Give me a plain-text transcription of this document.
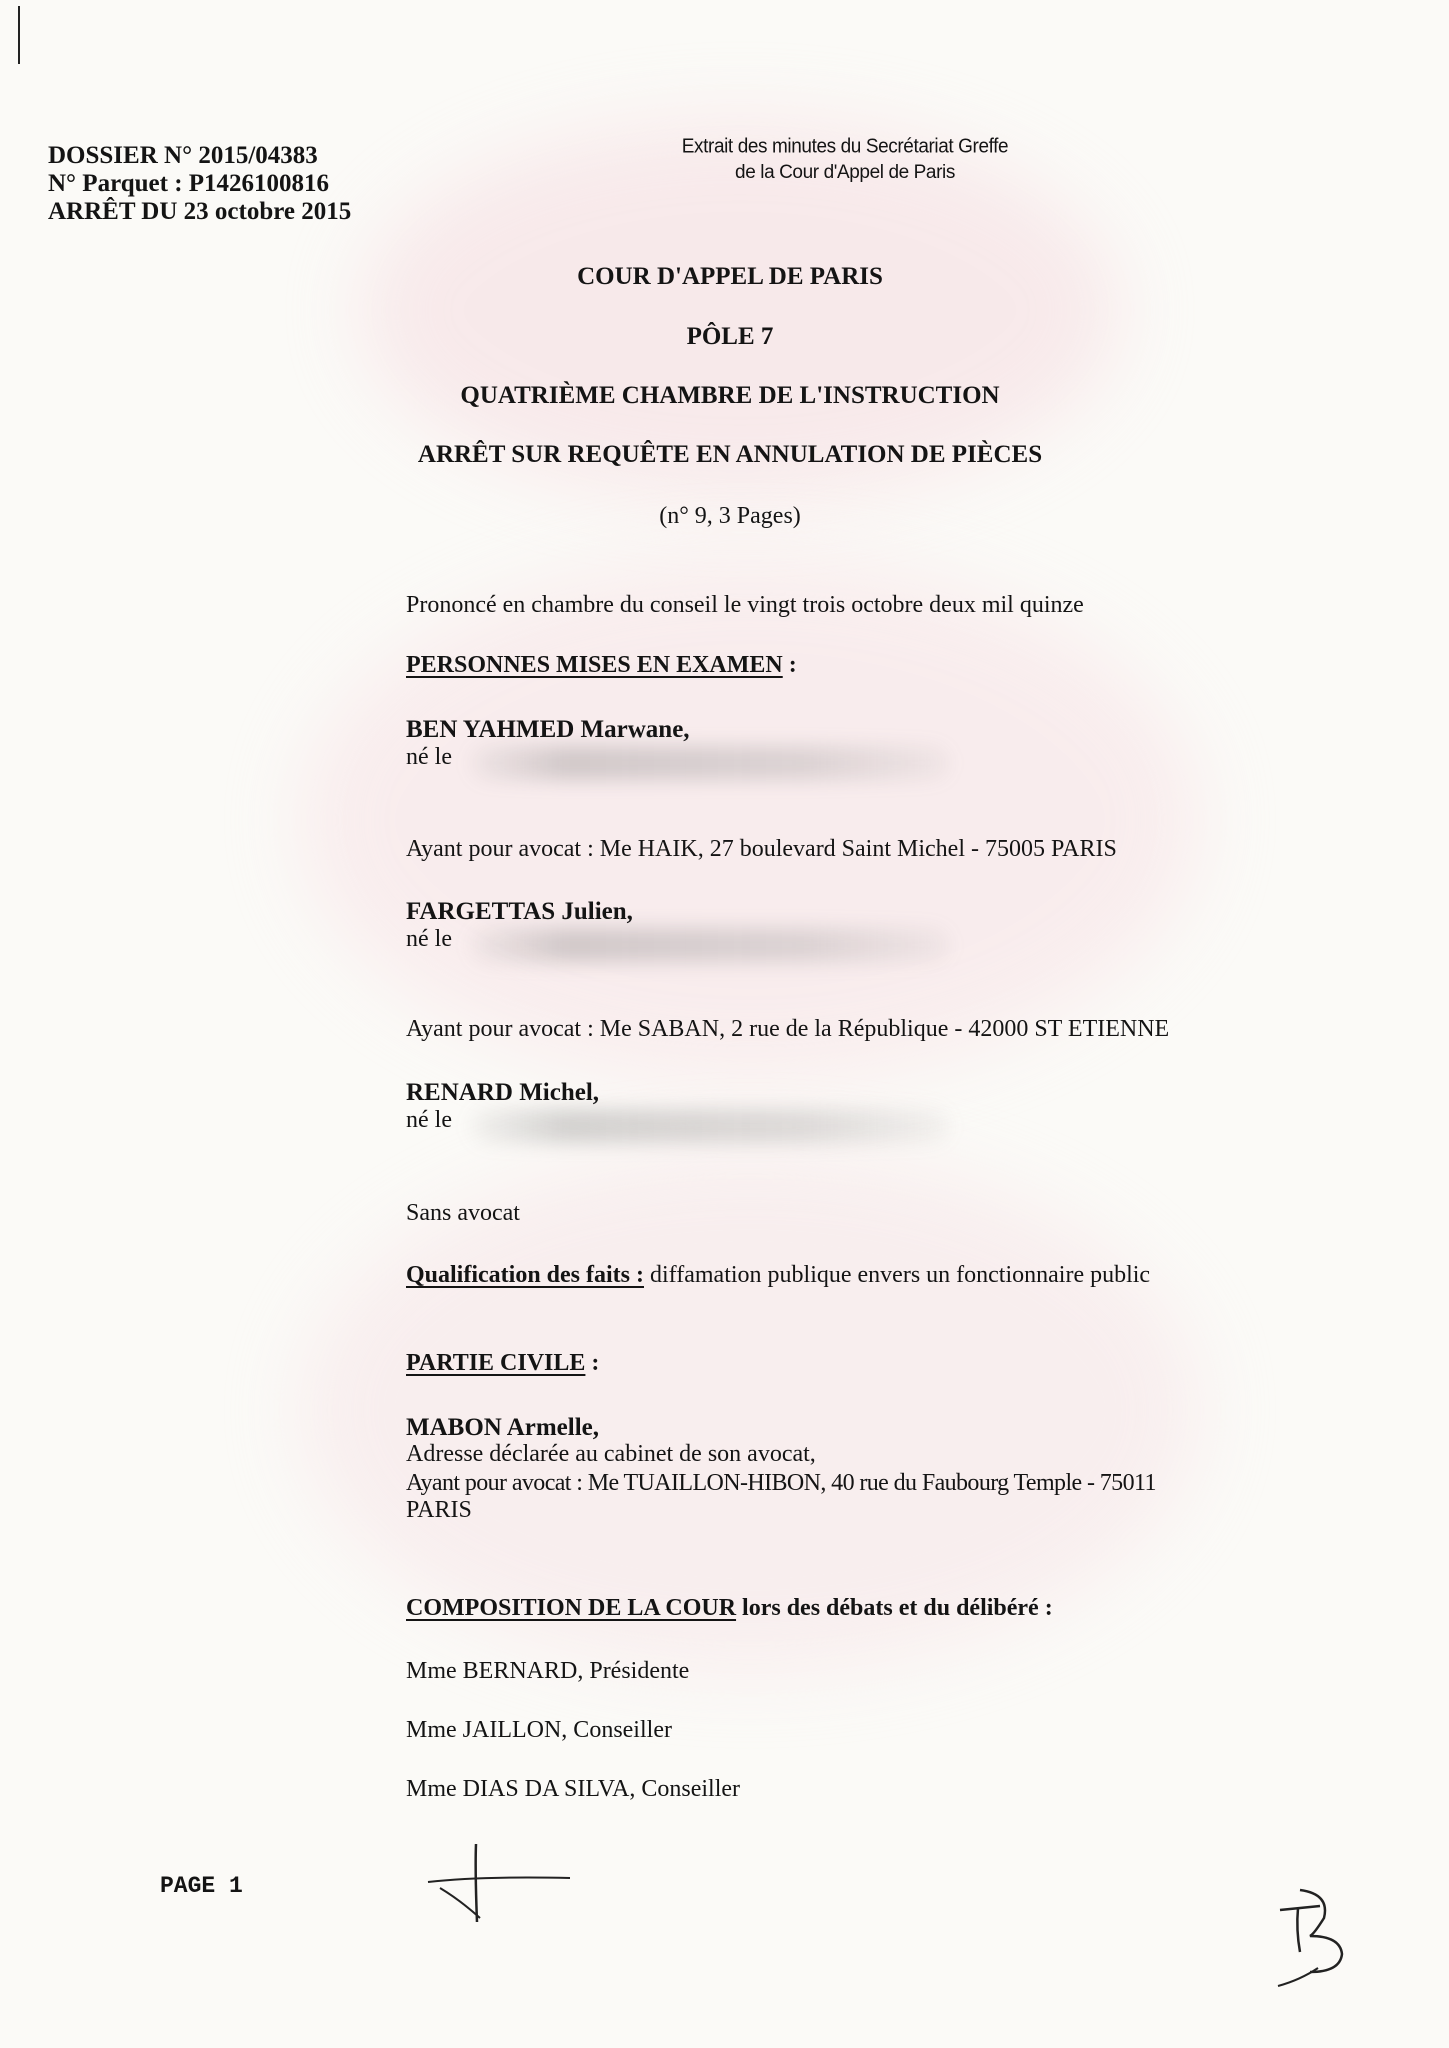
DOSSIER N° 2015/04383
N° Parquet : P1426100816
ARRÊT DU 23 octobre 2015
Extrait des minutes du Secrétariat Greffe
de la Cour d'Appel de Paris
COUR D'APPEL DE PARIS
PÔLE 7
QUATRIÈME CHAMBRE DE L'INSTRUCTION
ARRÊT SUR REQUÊTE EN ANNULATION DE PIÈCES
(n° 9, 3 Pages)
Prononcé en chambre du conseil le vingt trois octobre deux mil quinze
PERSONNES MISES EN EXAMEN :
BEN YAHMED Marwane,
né le
Ayant pour avocat : Me HAIK, 27 boulevard Saint Michel - 75005 PARIS
FARGETTAS Julien,
né le
Ayant pour avocat : Me SABAN, 2 rue de la République - 42000 ST ETIENNE
RENARD Michel,
né le
Sans avocat
Qualification des faits : diffamation publique envers un fonctionnaire public
PARTIE CIVILE :
MABON Armelle,
Adresse déclarée au cabinet de son avocat,
Ayant pour avocat : Me TUAILLON-HIBON, 40 rue du Faubourg Temple - 75011
PARIS
COMPOSITION DE LA COUR lors des débats et du délibéré :
Mme BERNARD, Présidente
Mme JAILLON, Conseiller
Mme DIAS DA SILVA, Conseiller
PAGE 1
